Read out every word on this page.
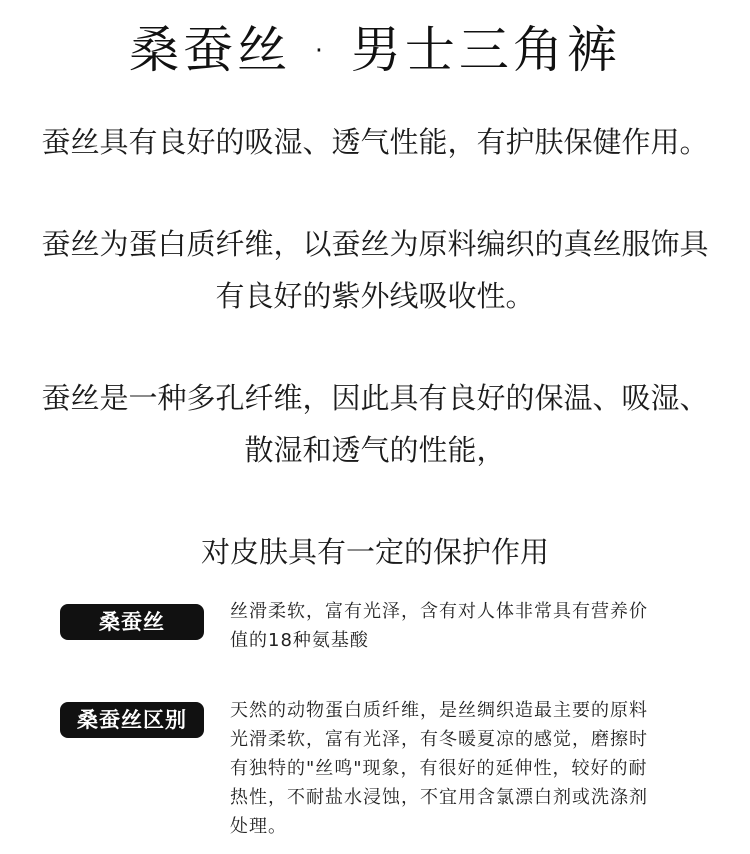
桑蚕丝 · 男士三角裤
蚕丝具有良好的吸湿、透气性能，有护肤保健作用。
蚕丝为蛋白质纤维，以蚕丝为原料编织的真丝服饰具
有良好的紫外线吸收性。
蚕丝是一种多孔纤维，因此具有良好的保温、吸湿、
散湿和透气的性能，
对皮肤具有一定的保护作用
桑蚕丝	丝滑柔软，富有光泽，含有对人体非常具有营养价
值的18种氨基酸
桑蚕丝区别	天然的动物蛋白质纤维，是丝绸织造最主要的原料
光滑柔软，富有光泽，有冬暖夏凉的感觉，磨擦时
有独特的"丝鸣"现象，有很好的延伸性，较好的耐
热性，不耐盐水浸蚀，不宜用含氯漂白剂或洗涤剂
处理。
